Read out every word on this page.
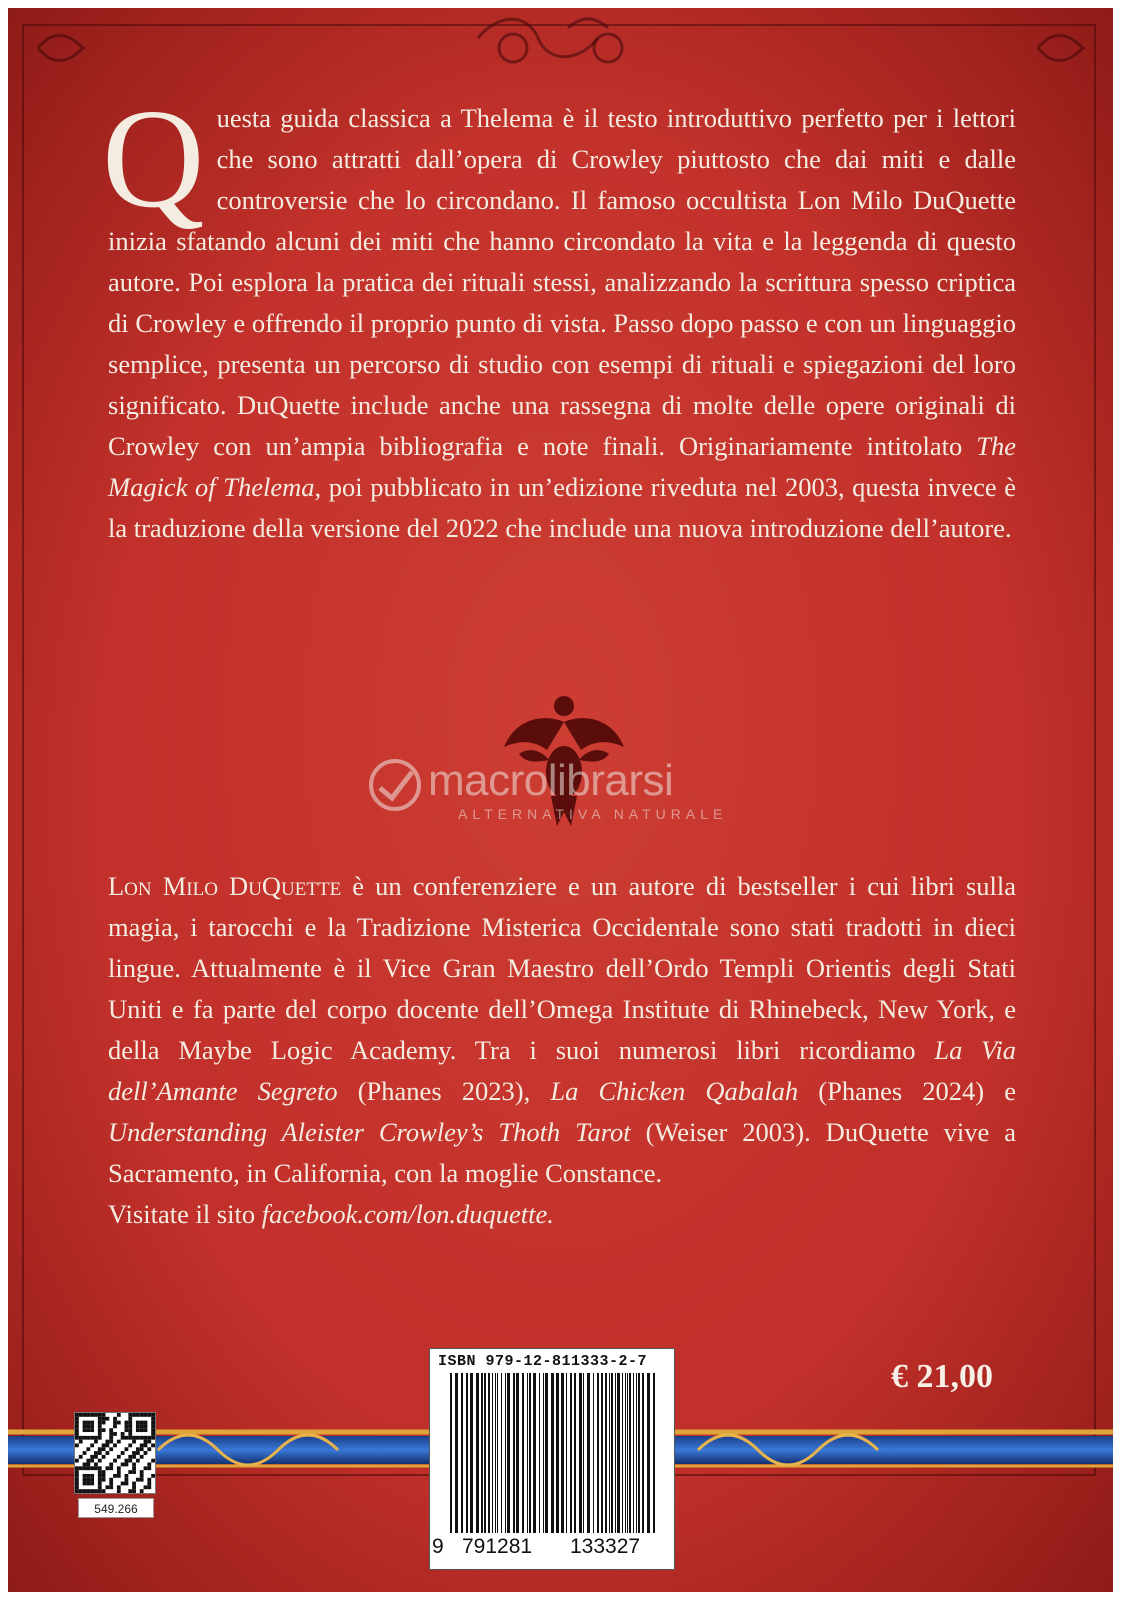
Questa guida classica a Thelema è il testo introduttivo perfetto per i lettori che sono attratti dall’opera di Crowley piuttosto che dai miti e dalle controversie che lo circondano. Il famoso occultista Lon Milo DuQuette inizia sfatando alcuni dei miti che hanno circondato la vita e la leggenda di questo autore. Poi esplora la pratica dei rituali stessi, analizzando la scrittura spesso criptica di Crowley e offrendo il proprio punto di vista. Passo dopo passo e con un linguaggio semplice, presenta un percorso di studio con esempi di rituali e spiegazioni del loro significato. DuQuette include anche una rassegna di molte delle opere originali di Crowley con un’ampia bibliografia e note finali. Originariamente intitolato The Magick of Thelema, poi pubblicato in un’edizione riveduta nel 2003, questa invece è la traduzione della versione del 2022 che include una nuova introduzione dell’autore.
macrolibrarsi
ALTERNATIVA NATURALE
Lon Milo DuQuette è un conferenziere e un autore di bestseller i cui libri sulla magia, i tarocchi e la Tradizione Misterica Occidentale sono stati tradotti in dieci lingue. Attualmente è il Vice Gran Maestro dell’Ordo Templi Orientis degli Stati Uniti e fa parte del corpo docente dell’Omega Institute di Rhinebeck, New York, e della Maybe Logic Academy. Tra i suoi numerosi libri ricordiamo La Via dell’Amante Segreto (Phanes 2023), La Chicken Qabalah (Phanes 2024) e Understanding Aleister Crowley’s Thoth Tarot (Weiser 2003). DuQuette vive a Sacramento, in California, con la moglie Constance.
Visitate il sito facebook.com/lon.duquette.
€ 21,00
ISBN 979-12-811333-2-7
9 791281 133327
549.266
